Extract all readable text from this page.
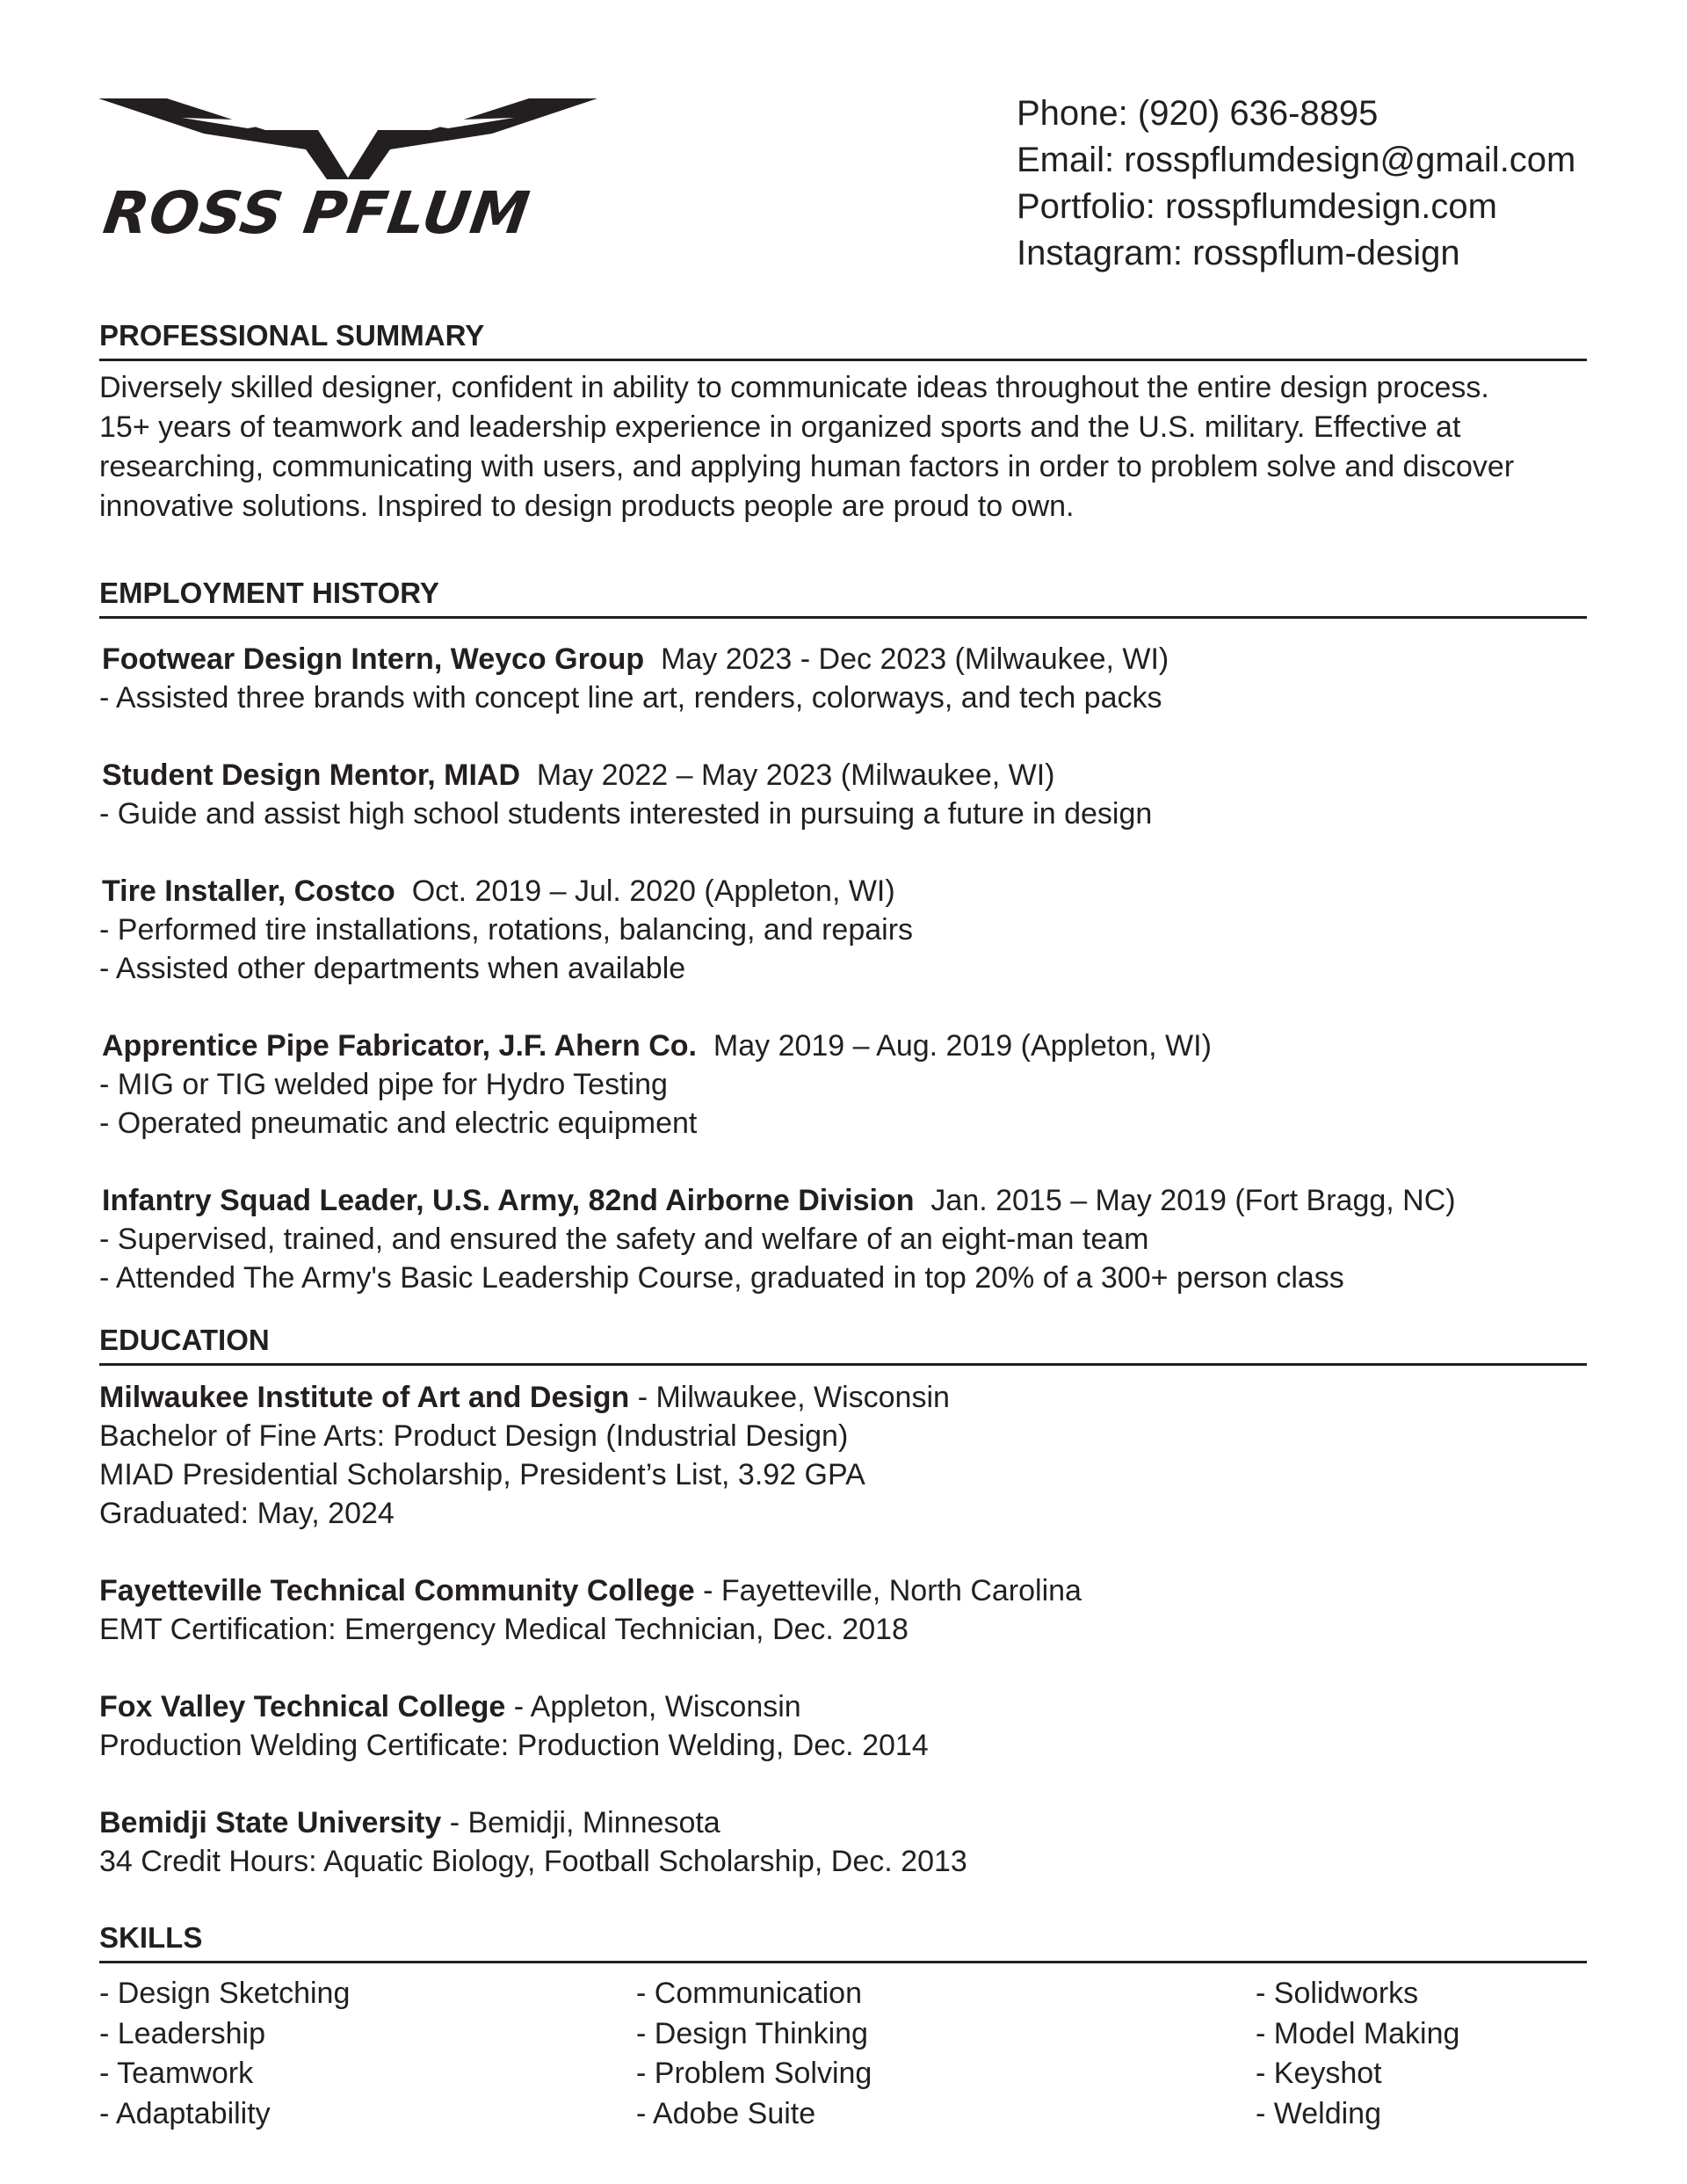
ROSS PFLUM
Phone: (920) 636-8895
Email: rosspflumdesign@gmail.com
Portfolio: rosspflumdesign.com
Instagram: rosspflum-design
PROFESSIONAL SUMMARY
Diversely skilled designer, confident in ability to communicate ideas throughout the entire design process.
15+ years of teamwork and leadership experience in organized sports and the U.S. military. Effective at
researching, communicating with users, and applying human factors in order to problem solve and discover
innovative solutions. Inspired to design products people are proud to own.
EMPLOYMENT HISTORY
Footwear Design Intern, Weyco Group May 2023 - Dec 2023 (Milwaukee, WI)
- Assisted three brands with concept line art, renders, colorways, and tech packs
Student Design Mentor, MIAD May 2022 – May 2023 (Milwaukee, WI)
- Guide and assist high school students interested in pursuing a future in design
Tire Installer, Costco Oct. 2019 – Jul. 2020 (Appleton, WI)
- Performed tire installations, rotations, balancing, and repairs
- Assisted other departments when available
Apprentice Pipe Fabricator, J.F. Ahern Co. May 2019 – Aug. 2019 (Appleton, WI)
- MIG or TIG welded pipe for Hydro Testing
- Operated pneumatic and electric equipment
Infantry Squad Leader, U.S. Army, 82nd Airborne Division Jan. 2015 – May 2019 (Fort Bragg, NC)
- Supervised, trained, and ensured the safety and welfare of an eight-man team
- Attended The Army's Basic Leadership Course, graduated in top 20% of a 300+ person class
EDUCATION
Milwaukee Institute of Art and Design - Milwaukee, Wisconsin
Bachelor of Fine Arts: Product Design (Industrial Design)
MIAD Presidential Scholarship, President’s List, 3.92 GPA
Graduated: May, 2024
Fayetteville Technical Community College - Fayetteville, North Carolina
EMT Certification: Emergency Medical Technician, Dec. 2018
Fox Valley Technical College - Appleton, Wisconsin
Production Welding Certificate: Production Welding, Dec. 2014
Bemidji State University - Bemidji, Minnesota
34 Credit Hours: Aquatic Biology, Football Scholarship, Dec. 2013
SKILLS
- Design Sketching
- Leadership
- Teamwork
- Adaptability
- Communication
- Design Thinking
- Problem Solving
- Adobe Suite
- Solidworks
- Model Making
- Keyshot
- Welding
